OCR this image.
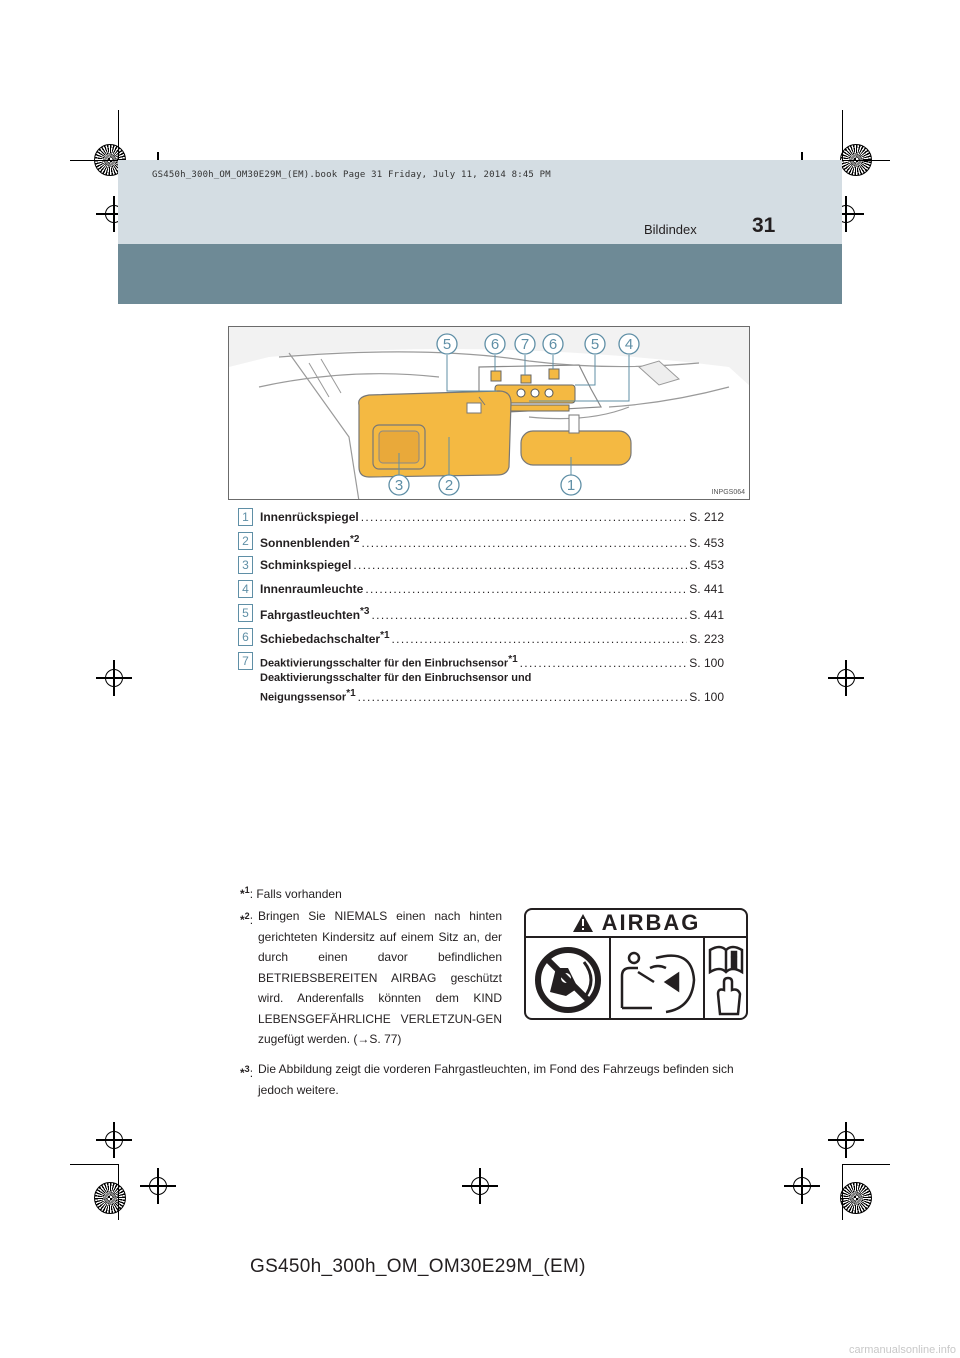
GS450h_300h_OM_OM30E29M_(EM).book Page 31 Friday, July 11, 2014 8:45 PM
Bildindex	31
5	6 7 6 5 4
3	2	1	INPGS064
1 Innenrückspiegel . . .	S. 212
2 Sonnenblenden$^{*2}$ . . .	S. 453
3 Schminkspiegel . . .	S. 453
4 Innenraumleuchte . . .	S. 441
5 Fahrgastleuchten$^{*3}$ . . .	S. 441
6 Schiebedachschalter$^{*1}$ . . .	S. 223
7	Deaktivierungsschalter für den Einbruchsensor$^{*1}$ . . .	S. 100
Deaktivierungsschalter für den Einbruchsensor und
Neigungssensor$^{*1}$ . . .	S. 100
*$^1$: Falls vorhanden
*$^2$: Bringen Sie NIEMALS einen nach hinten gerichteten Kindersitz auf einem Sitz an, der durch einen davor befindlichen BETRIEBSBEREITEN AIRBAG geschützt wird. Anderenfalls könnten dem KIND LEBENSGEFÄHRLICHE VERLETZUN-GEN zugefügt werden. (→S. 77)
*$^3$: Die Abbildung zeigt die vorderen Fahrgastleuchten, im Fond des Fahrzeugs befinden sich jedoch weitere.
AIRBAG
GS450h_300h_OM_OM30E29M_(EM)
carmanualsonline.info
